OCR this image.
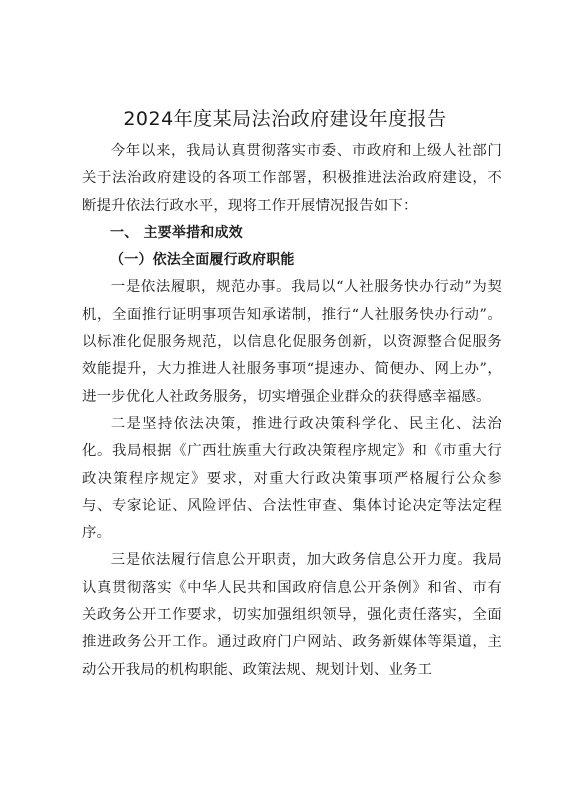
2024年度某局法治政府建设年度报告

今年以来，我局认真贯彻落实市委、市政府和上级人社部门关于法治政府建设的各项工作部署，积极推进法治政府建设，不断提升依法行政水平，现将工作开展情况报告如下：

一、 主要举措和成效

（一）依法全面履行政府职能

一是依法履职，规范办事。我局以“人社服务快办行动”为契机，全面推行证明事项告知承诺制，推行“人社服务快办行动”。以标准化促服务规范，以信息化促服务创新，以资源整合促服务效能提升，大力推进人社服务事项“提速办、简便办、网上办”，进一步优化人社政务服务，切实增强企业群众的获得感幸福感。

二是坚持依法决策，推进行政决策科学化、民主化、法治化。我局根据《广西壮族重大行政决策程序规定》和《市重大行政决策程序规定》要求，对重大行政决策事项严格履行公众参与、专家论证、风险评估、合法性审查、集体讨论决定等法定程序。

三是依法履行信息公开职责，加大政务信息公开力度。我局认真贯彻落实《中华人民共和国政府信息公开条例》和省、市有关政务公开工作要求，切实加强组织领导，强化责任落实，全面推进政务公开工作。通过政府门户网站、政务新媒体等渠道，主动公开我局的机构职能、政策法规、规划计划、业务工
